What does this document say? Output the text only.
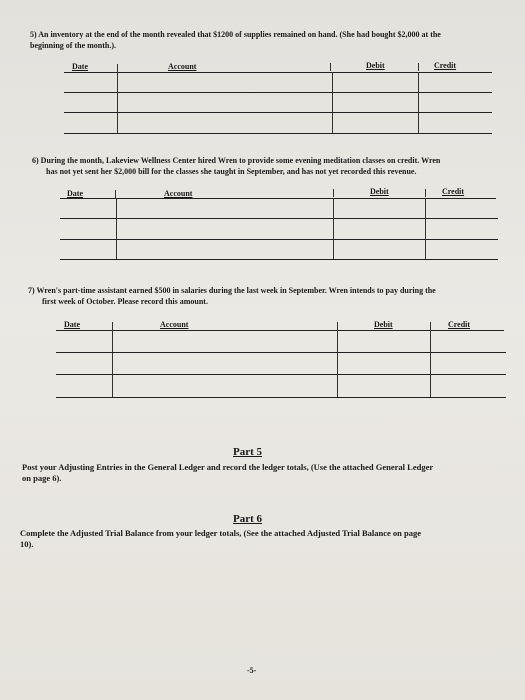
5) An inventory at the end of the month revealed that $1200 of supplies remained on hand. (She had bought $2,000 at the
beginning of the month.).
Date	Account	Debit	Credit
6) During the month, Lakeview Wellness Center hired Wren to provide some evening meditation classes on credit. Wren
has not yet sent her $2,000 bill for the classes she taught in September, and has not yet recorded this revenue.
Date	Account	Debit	Credit
7) Wren's part-time assistant earned $500 in salaries during the last week in September. Wren intends to pay during the
first week of October. Please record this amount.
Date	Account	Debit	Credit
Part 5
Post your Adjusting Entries in the General Ledger and record the ledger totals, (Use the attached General Ledger
on page 6).
Part 6
Complete the Adjusted Trial Balance from your ledger totals, (See the attached Adjusted Trial Balance on page
10).
-5-
